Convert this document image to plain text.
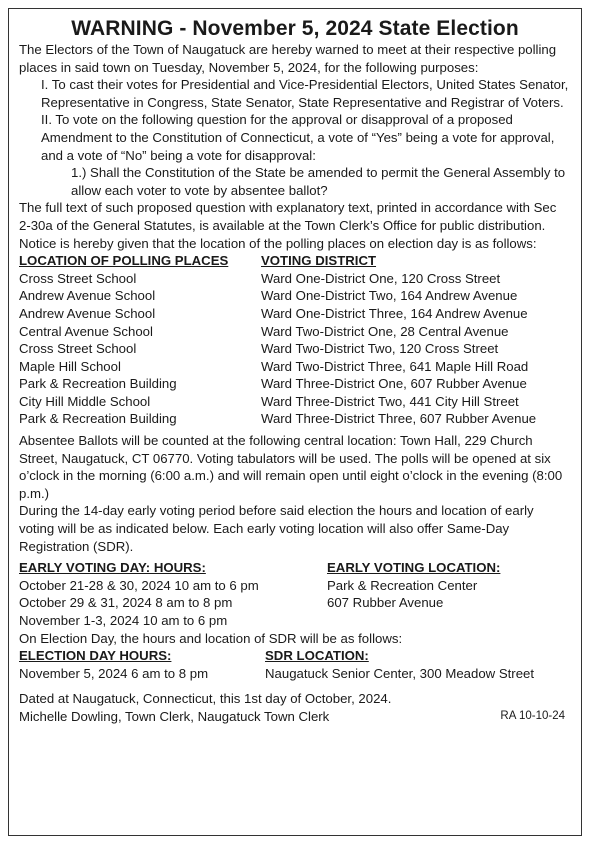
WARNING - November 5, 2024 State Election

The Electors of the Town of Naugatuck are hereby warned to meet at their respective polling places in said town on Tuesday, November 5, 2024, for the following purposes:

I. To cast their votes for Presidential and Vice-Presidential Electors, United States Senator, Representative in Congress, State Senator, State Representative and Registrar of Voters.

II. To vote on the following question for the approval or disapproval of a proposed Amendment to the Constitution of Connecticut, a vote of “Yes” being a vote for approval, and a vote of “No” being a vote for disapproval:

1.) Shall the Constitution of the State be amended to permit the General Assembly to allow each voter to vote by absentee ballot?

The full text of such proposed question with explanatory text, printed in accordance with Sec 2-30a of the General Statutes, is available at the Town Clerk’s Office for public distribution.

Notice is hereby given that the location of the polling places on election day is as follows:

LOCATION OF POLLING PLACES	VOTING DISTRICT
Cross Street School	Ward One-District One, 120 Cross Street
Andrew Avenue School	Ward One-District Two, 164 Andrew Avenue
Andrew Avenue School	Ward One-District Three, 164 Andrew Avenue
Central Avenue School	Ward Two-District One, 28 Central Avenue
Cross Street School	Ward Two-District Two, 120 Cross Street
Maple Hill School	Ward Two-District Three, 641 Maple Hill Road
Park & Recreation Building	Ward Three-District One, 607 Rubber Avenue
City Hill Middle School	Ward Three-District Two, 441 City Hill Street
Park & Recreation Building	Ward Three-District Three, 607 Rubber Avenue

Absentee Ballots will be counted at the following central location: Town Hall, 229 Church Street, Naugatuck, CT 06770. Voting tabulators will be used. The polls will be opened at six o’clock in the morning (6:00 a.m.) and will remain open until eight o’clock in the evening (8:00 p.m.)

During the 14-day early voting period before said election the hours and location of early voting will be as indicated below. Each early voting location will also offer Same-Day Registration (SDR).

EARLY VOTING DAY: HOURS:	EARLY VOTING LOCATION:
October 21-28 & 30, 2024 10 am to 6 pm	Park & Recreation Center
October 29 & 31, 2024 8 am to 8 pm	607 Rubber Avenue
November 1-3, 2024 10 am to 6 pm

On Election Day, the hours and location of SDR will be as follows:

ELECTION DAY HOURS:	SDR LOCATION:
November 5, 2024 6 am to 8 pm	Naugatuck Senior Center, 300 Meadow Street

Dated at Naugatuck, Connecticut, this 1st day of October, 2024.

Michelle Dowling, Town Clerk, Naugatuck Town Clerk	RA 10-10-24
